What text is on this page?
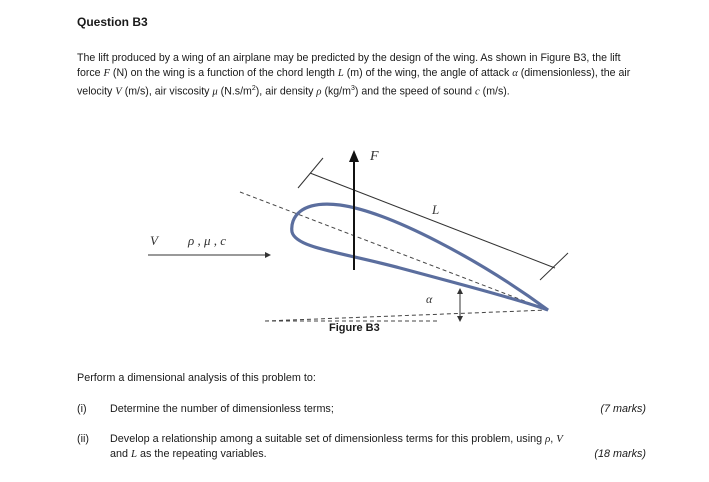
Question B3
The lift produced by a wing of an airplane may be predicted by the design of the wing. As shown in Figure B3, the lift force F (N) on the wing is a function of the chord length L (m) of the wing, the angle of attack α (dimensionless), the air velocity V (m/s), air viscosity μ $(N.s/m^2)$, air density ρ $(kg/m^3)$ and the speed of sound c (m/s).
F
L
V ρ , μ , c
α
Figure B3
Perform a dimensional analysis of this problem to:
(i) Determine the number of dimensionless terms;	(7 marks)
(ii) Develop a relationship among a suitable set of dimensionless terms for this problem, using ρ, V and L as the repeating variables.	(18 marks)
